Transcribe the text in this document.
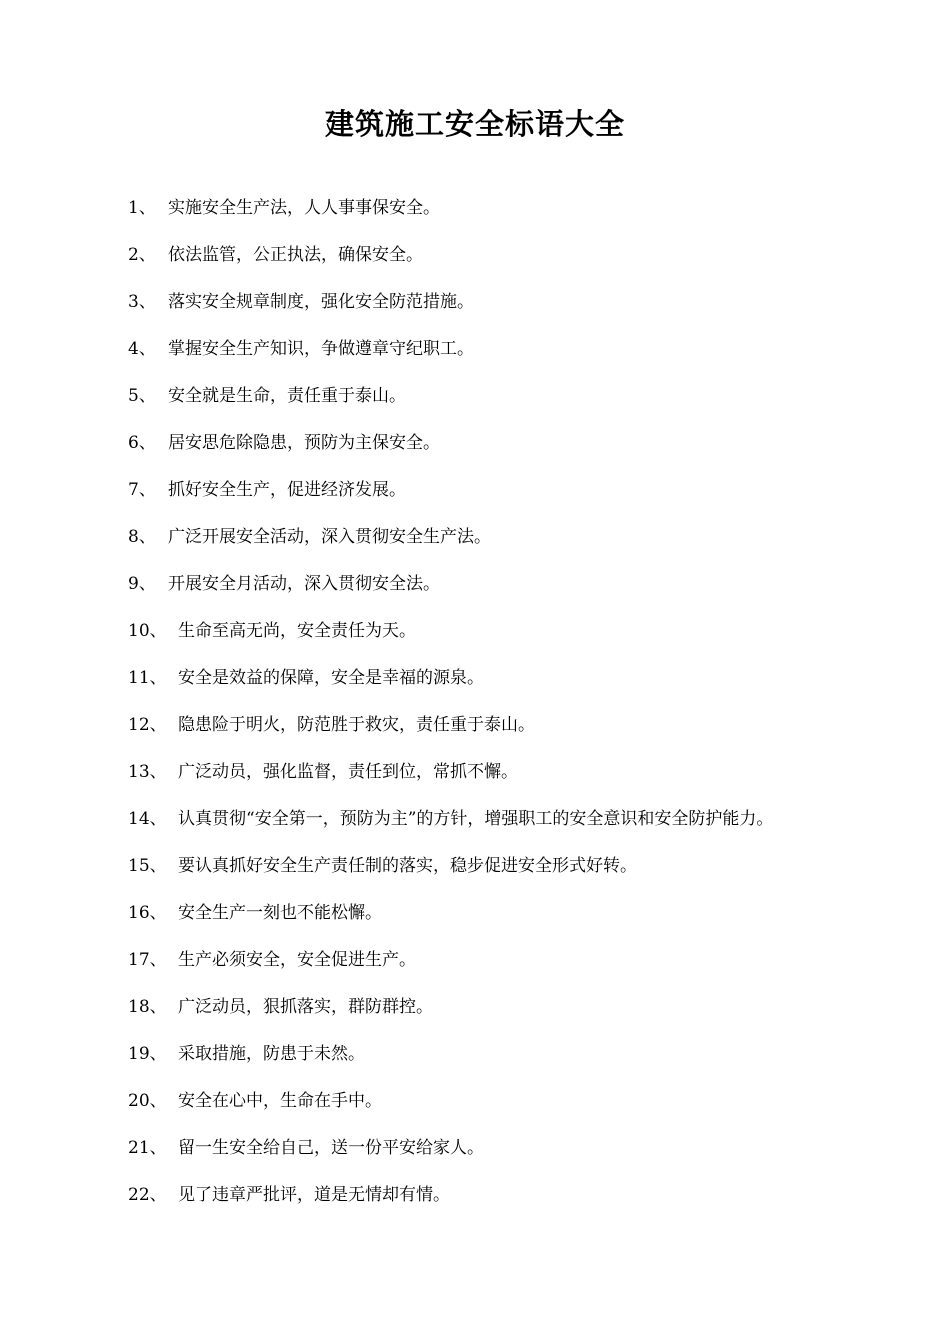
建筑施工安全标语大全
1、 实施安全生产法，人人事事保安全。
2、 依法监管，公正执法，确保安全。
3、 落实安全规章制度，强化安全防范措施。
4、 掌握安全生产知识，争做遵章守纪职工。
5、 安全就是生命，责任重于泰山。
6、 居安思危除隐患，预防为主保安全。
7、 抓好安全生产，促进经济发展。
8、 广泛开展安全活动，深入贯彻安全生产法。
9、 开展安全月活动，深入贯彻安全法。
10、 生命至高无尚，安全责任为天。
11、 安全是效益的保障，安全是幸福的源泉。
12、 隐患险于明火，防范胜于救灾，责任重于泰山。
13、 广泛动员，强化监督，责任到位，常抓不懈。
14、 认真贯彻“安全第一，预防为主”的方针，增强职工的安全意识和安全防护能力。
15、 要认真抓好安全生产责任制的落实，稳步促进安全形式好转。
16、 安全生产一刻也不能松懈。
17、 生产必须安全，安全促进生产。
18、 广泛动员，狠抓落实，群防群控。
19、 采取措施，防患于未然。
20、 安全在心中，生命在手中。
21、 留一生安全给自己，送一份平安给家人。
22、 见了违章严批评，道是无情却有情。
